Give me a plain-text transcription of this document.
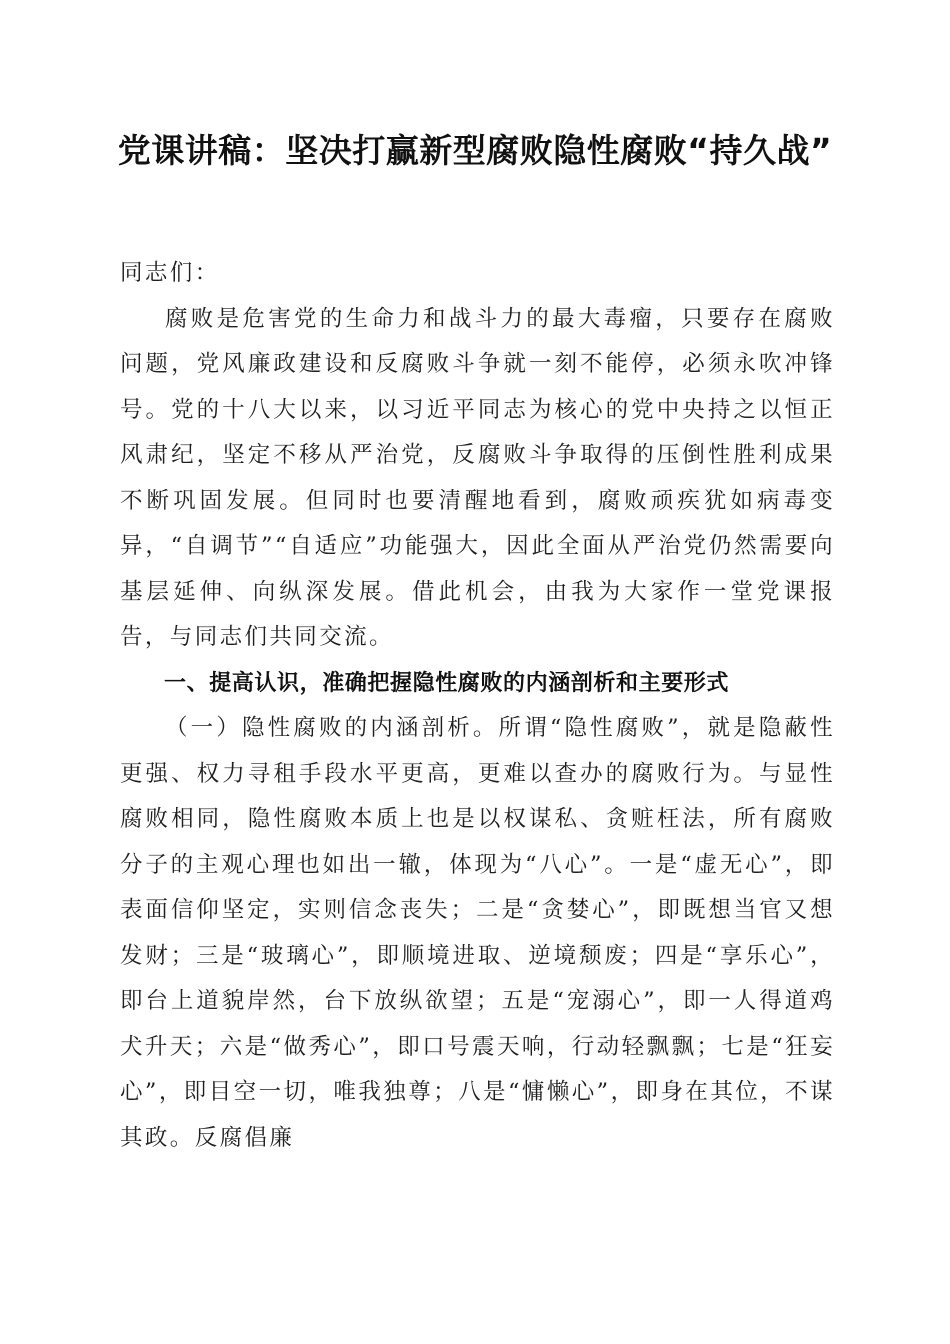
党课讲稿：坚决打赢新型腐败隐性腐败“持久战”

同志们：

腐败是危害党的生命力和战斗力的最大毒瘤，只要存在腐败问题，党风廉政建设和反腐败斗争就一刻不能停，必须永吹冲锋号。党的十八大以来，以习近平同志为核心的党中央持之以恒正风肃纪，坚定不移从严治党，反腐败斗争取得的压倒性胜利成果不断巩固发展。但同时也要清醒地看到，腐败顽疾犹如病毒变异，“自调节”“自适应”功能强大，因此全面从严治党仍然需要向基层延伸、向纵深发展。借此机会，由我为大家作一堂党课报告，与同志们共同交流。

一、提高认识，准确把握隐性腐败的内涵剖析和主要形式

（一）隐性腐败的内涵剖析。所谓“隐性腐败”，就是隐蔽性更强、权力寻租手段水平更高，更难以查办的腐败行为。与显性腐败相同，隐性腐败本质上也是以权谋私、贪赃枉法，所有腐败分子的主观心理也如出一辙，体现为“八心”。一是“虚无心”，即表面信仰坚定，实则信念丧失；二是“贪婪心”，即既想当官又想发财；三是“玻璃心”，即顺境进取、逆境颓废；四是“享乐心”，即台上道貌岸然，台下放纵欲望；五是“宠溺心”，即一人得道鸡犬升天；六是“做秀心”，即口号震天响，行动轻飘飘；七是“狂妄心”，即目空一切，唯我独尊；八是“慵懒心”，即身在其位，不谋其政。反腐倡廉
